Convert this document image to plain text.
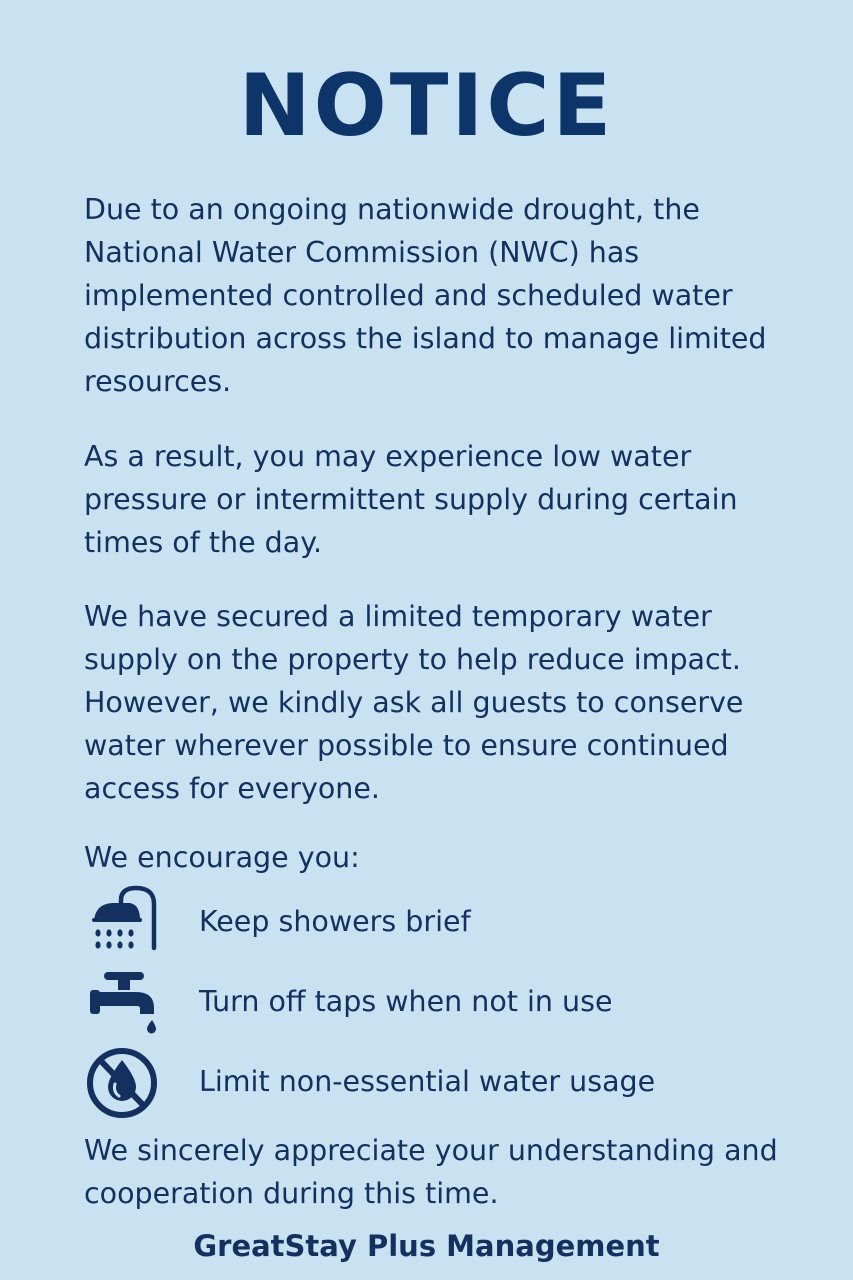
NOTICE

Due to an ongoing nationwide drought, the National Water Commission (NWC) has implemented controlled and scheduled water distribution across the island to manage limited resources.

As a result, you may experience low water pressure or intermittent supply during certain times of the day.

We have secured a limited temporary water supply on the property to help reduce impact. However, we kindly ask all guests to conserve water wherever possible to ensure continued access for everyone.

We encourage you:

Keep showers brief
Turn off taps when not in use
Limit non-essential water usage

We sincerely appreciate your understanding and cooperation during this time.

GreatStay Plus Management
